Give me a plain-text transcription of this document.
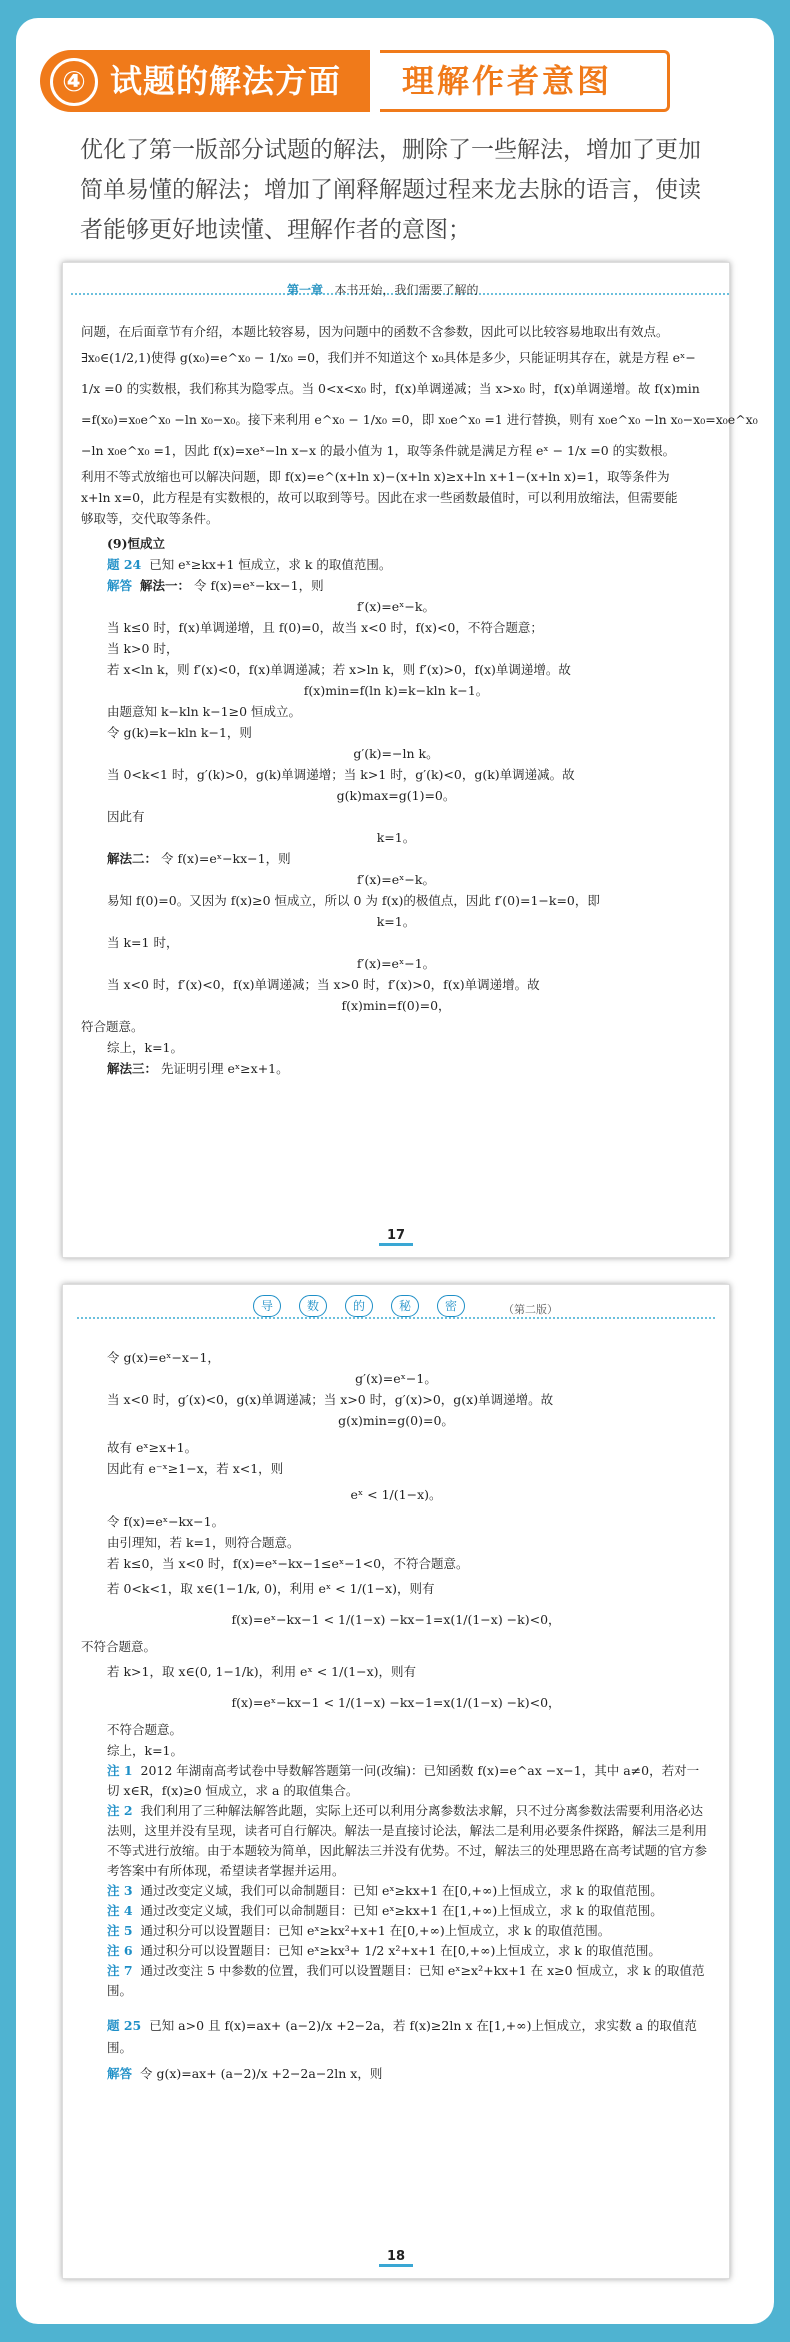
④ 试题的解法方面 理解作者意图
优化了第一版部分试题的解法，删除了一些解法，增加了更加简单易懂的解法；增加了阐释解题过程来龙去脉的语言，使读者能够更好地读懂、理解作者的意图；
第一章 本书开始，我们需要了解的
问题，在后面章节有介绍，本题比较容易，因为问题中的函数不含参数，因此可以比较容易地取出有效点。
∃x₀∈(1/2,1)使得 g(x₀)=e^x₀ − 1/x₀ =0，我们并不知道这个 x₀具体是多少，只能证明其存在，就是方程 eˣ−
1/x =0 的实数根，我们称其为隐零点。当 0<x<x₀ 时，f(x)单调递减；当 x>x₀ 时，f(x)单调递增。故 f(x)min
=f(x₀)=x₀e^x₀ −ln x₀−x₀。接下来利用 e^x₀ − 1/x₀ =0，即 x₀e^x₀ =1 进行替换，则有 x₀e^x₀ −ln x₀−x₀=x₀e^x₀
−ln x₀e^x₀ =1，因此 f(x)=xeˣ−ln x−x 的最小值为 1，取等条件就是满足方程 eˣ − 1/x =0 的实数根。
利用不等式放缩也可以解决问题，即 f(x)=e^(x+ln x)−(x+ln x)≥x+ln x+1−(x+ln x)=1，取等条件为
x+ln x=0，此方程是有实数根的，故可以取到等号。因此在求一些函数最值时，可以利用放缩法，但需要能
够取等，交代取等条件。
(9)恒成立
题 24 已知 eˣ≥kx+1 恒成立，求 k 的取值范围。
解答 解法一： 令 f(x)=eˣ−kx−1，则
f′(x)=eˣ−k。
当 k≤0 时，f(x)单调递增，且 f(0)=0，故当 x<0 时，f(x)<0，不符合题意；
当 k>0 时，
若 x<ln k，则 f′(x)<0，f(x)单调递减；若 x>ln k，则 f′(x)>0，f(x)单调递增。故
f(x)min=f(ln k)=k−kln k−1。
由题意知 k−kln k−1≥0 恒成立。
令 g(k)=k−kln k−1，则
g′(k)=−ln k。
当 0<k<1 时，g′(k)>0，g(k)单调递增；当 k>1 时，g′(k)<0，g(k)单调递减。故
g(k)max=g(1)=0。
因此有
k=1。
解法二： 令 f(x)=eˣ−kx−1，则
f′(x)=eˣ−k。
易知 f(0)=0。又因为 f(x)≥0 恒成立，所以 0 为 f(x)的极值点，因此 f′(0)=1−k=0，即
k=1。
当 k=1 时，
f′(x)=eˣ−1。
当 x<0 时，f′(x)<0，f(x)单调递减；当 x>0 时，f′(x)>0，f(x)单调递增。故
f(x)min=f(0)=0，
符合题意。
综上，k=1。
解法三： 先证明引理 eˣ≥x+1。
17
导	数	的	秘	密	（第二版）
令 g(x)=eˣ−x−1，
g′(x)=eˣ−1。
当 x<0 时，g′(x)<0，g(x)单调递减；当 x>0 时，g′(x)>0，g(x)单调递增。故
g(x)min=g(0)=0。
故有 eˣ≥x+1。
因此有 e⁻ˣ≥1−x，若 x<1，则
eˣ < 1/(1−x)。
令 f(x)=eˣ−kx−1。
由引理知，若 k=1，则符合题意。
若 k≤0，当 x<0 时，f(x)=eˣ−kx−1≤eˣ−1<0，不符合题意。
若 0<k<1，取 x∈(1−1/k, 0)，利用 eˣ < 1/(1−x)，则有
f(x)=eˣ−kx−1 < 1/(1−x) −kx−1=x(1/(1−x) −k)<0，
不符合题意。
若 k>1，取 x∈(0, 1−1/k)，利用 eˣ < 1/(1−x)，则有
f(x)=eˣ−kx−1 < 1/(1−x) −kx−1=x(1/(1−x) −k)<0，
不符合题意。
综上，k=1。
注 1 2012 年湖南高考试卷中导数解答题第一问(改编)：已知函数 f(x)=e^ax −x−1，其中 a≠0，若对一切 x∈R，f(x)≥0 恒成立，求 a 的取值集合。
注 2 我们利用了三种解法解答此题，实际上还可以利用分离参数法求解，只不过分离参数法需要利用洛必达法则，这里并没有呈现，读者可自行解决。解法一是直接讨论法，解法二是利用必要条件探路，解法三是利用不等式进行放缩。由于本题较为简单，因此解法三并没有优势。不过，解法三的处理思路在高考试题的官方参考答案中有所体现，希望读者掌握并运用。
注 3 通过改变定义域，我们可以命制题目：已知 eˣ≥kx+1 在[0,+∞)上恒成立，求 k 的取值范围。
注 4 通过改变定义域，我们可以命制题目：已知 eˣ≥kx+1 在[1,+∞)上恒成立，求 k 的取值范围。
注 5 通过积分可以设置题目：已知 eˣ≥kx²+x+1 在[0,+∞)上恒成立，求 k 的取值范围。
注 6 通过积分可以设置题目：已知 eˣ≥kx³+ 1/2 x²+x+1 在[0,+∞)上恒成立，求 k 的取值范围。
注 7 通过改变注 5 中参数的位置，我们可以设置题目：已知 eˣ≥x²+kx+1 在 x≥0 恒成立，求 k 的取值范围。
题 25 已知 a>0 且 f(x)=ax+ (a−2)/x +2−2a，若 f(x)≥2ln x 在[1,+∞)上恒成立，求实数 a 的取值范围。
解答 令 g(x)=ax+ (a−2)/x +2−2a−2ln x，则
18
